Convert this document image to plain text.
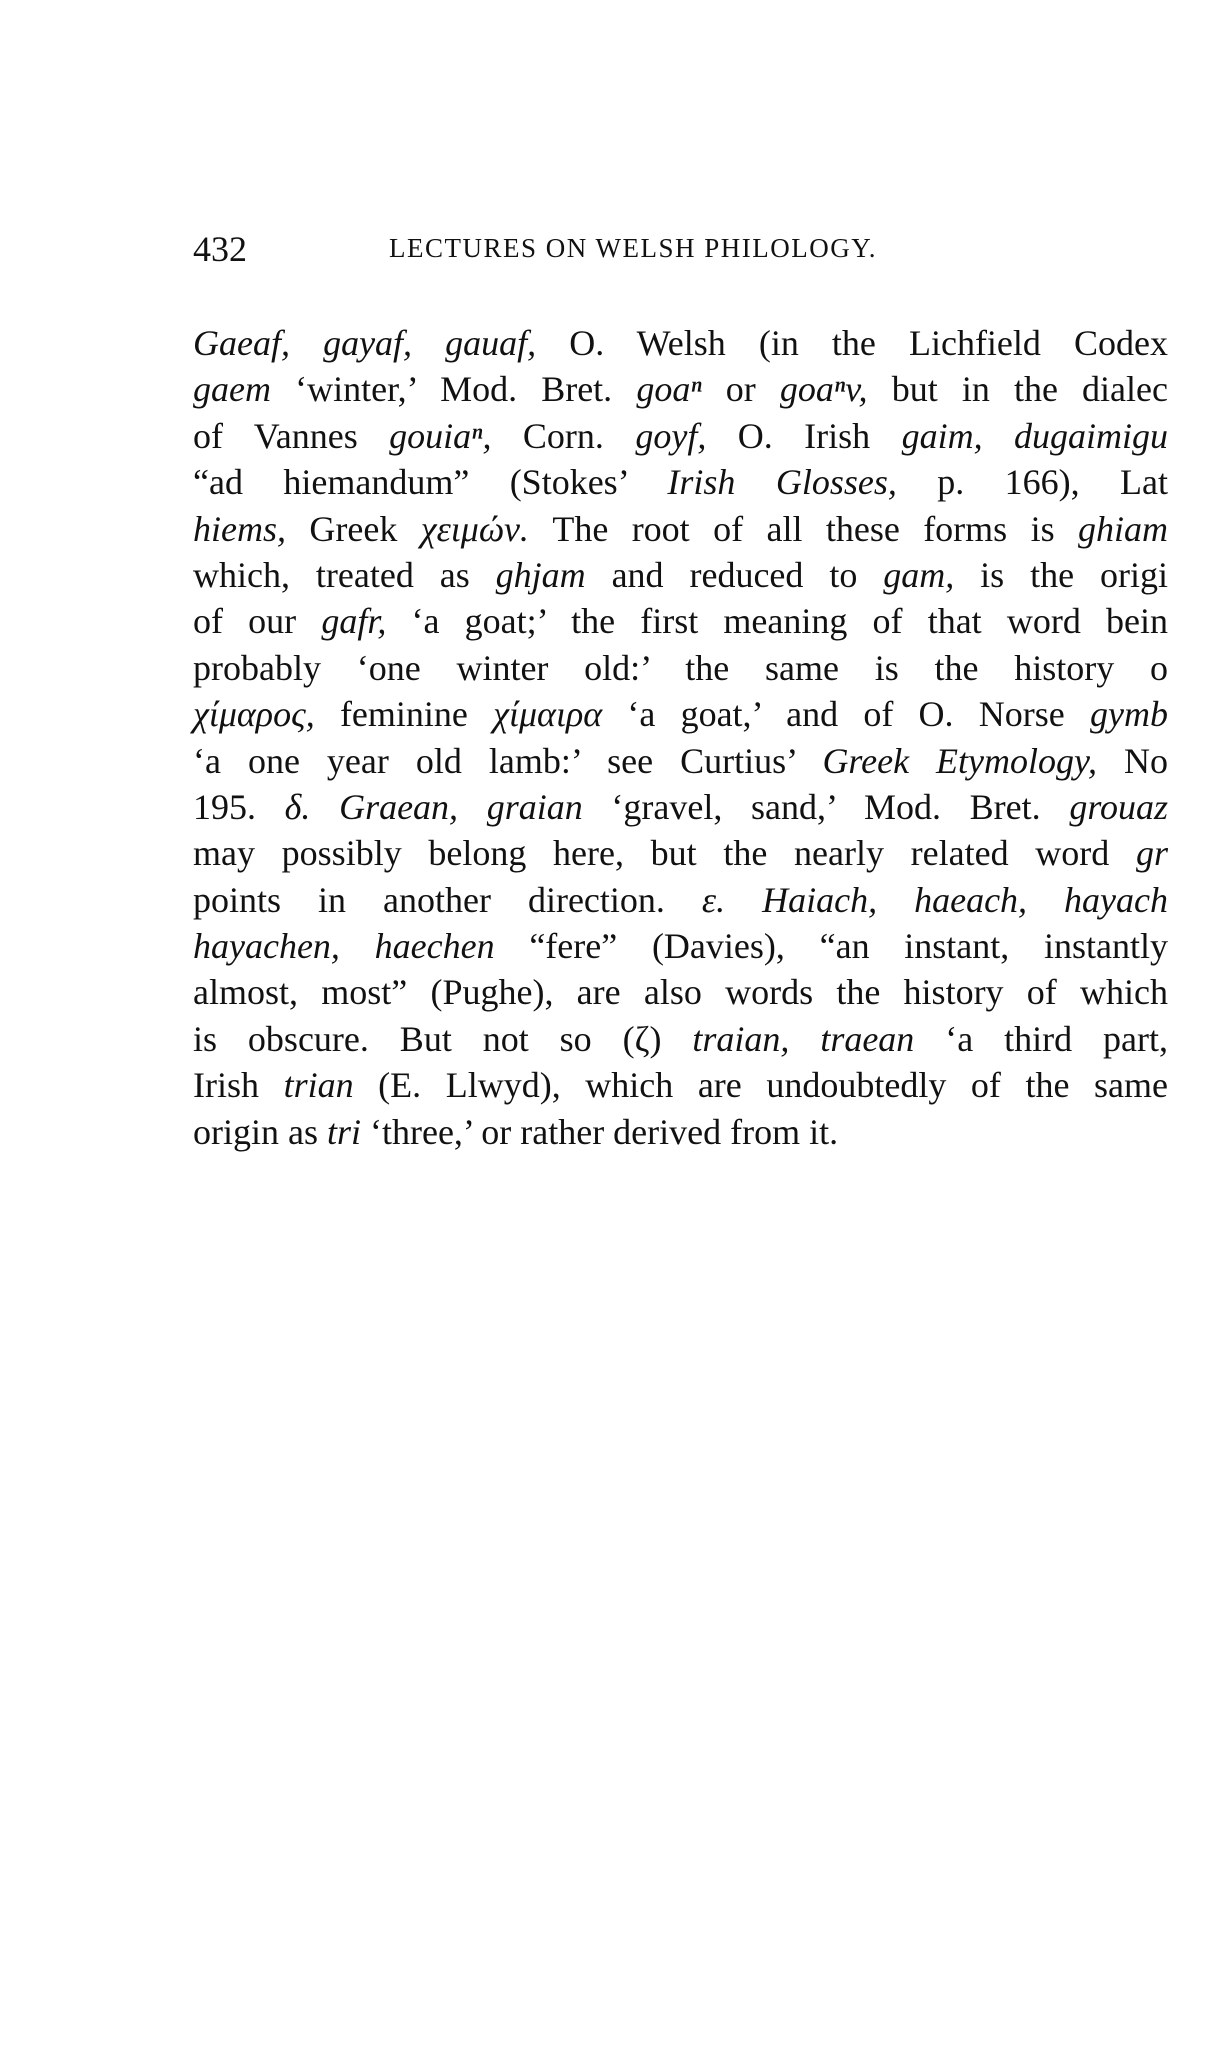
432	LECTURES ON WELSH PHILOLOGY.
Gaeaf, gayaf, gauaf, O. Welsh (in the Lichfield Codex
gaem ‘winter,’ Mod. Bret. goaⁿ or goaⁿv, but in the dialec
of Vannes gouiaⁿ, Corn. goyf, O. Irish gaim, dugaimigu
“ad hiemandum” (Stokes’ Irish Glosses, p. 166), Lat
hiems, Greek χειμών. The root of all these forms is ghiam
which, treated as ghjam and reduced to gam, is the origi
of our gafr, ‘a goat;’ the first meaning of that word bein
probably ‘one winter old:’ the same is the history o
χίμαρος, feminine χίμαιρα ‘a goat,’ and of O. Norse gymb
‘a one year old lamb:’ see Curtius’ Greek Etymology, No
195. δ. Graean, graian ‘gravel, sand,’ Mod. Bret. grouaz
may possibly belong here, but the nearly related word gr
points in another direction. ε. Haiach, haeach, hayach
hayachen, haechen “fere” (Davies), “an instant, instantly
almost, most” (Pughe), are also words the history of which
is obscure. But not so (ζ) traian, traean ‘a third part,
Irish trian (E. Llwyd), which are undoubtedly of the same
origin as tri ‘three,’ or rather derived from it.
